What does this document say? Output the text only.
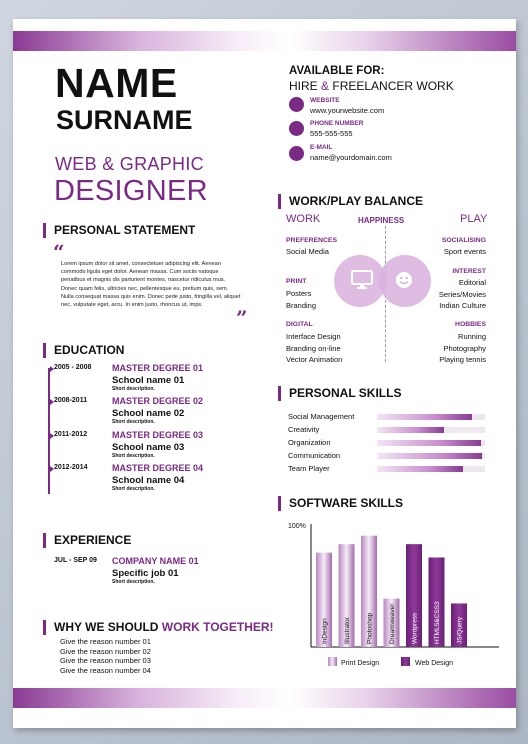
NAME
SURNAME
WEB & GRAPHIC
DESIGNER
PERSONAL STATEMENT
“
Lorem ipsum dolor sit amet, consectetuer adipiscing elit. Aenean commodo ligula eget dolor. Aenean massa. Cum sociis natoque penatibus et magnis dis parturient montes, nascetur ridiculus mus. Donec quam felis, ultricies nec, pellentesque eu, pretium quis, sem. Nulla consequat massa quis enim. Donec pede justo, fringilla vel, aliquet nec, vulputate eget, arcu. In enim justo, rhoncus ut, imps.
”
EDUCATION
2005 - 2008 MASTER DEGREE 01
School name 01
Short description.
2008-2011	MASTER DEGREE 02
School name 02
Short description.
2011-2012	MASTER DEGREE 03
School name 03
Short description.
2012-2014	MASTER DEGREE 04
School name 04
Short description.
EXPERIENCE
JUL - SEP 09 COMPANY NAME 01
Specific job 01
Short description.
WHY WE SHOULD WORK TOGETHER!
Give the reason number 01
Give the reason number 02
Give the reason number 03
Give the reason number 04
AVAILABLE FOR:
HIRE & FREELANCER WORK
WEBSITE
www.yourwebsite.com
PHONE NUMBER
555-555-555
E-MAIL
name@yourdomain.com
WORK/PLAY BALANCE
WORK	HAPPINESS	PLAY
PREFERENCES
Social Media
PRINT
Posters
Branding
DIGITAL
Interface Design
Branding on-line
Vector Animation
SOCIALISING
Sport events
INTEREST
Editorial
Series/Movies
Indian Culture
HOBBIES
Running
Photography
Playing tennis
PERSONAL SKILLS
Social Management
Creativity
Organization
Communication
Team Player
SOFTWARE SKILLS
100%
InDesign Illustrator Photoshop Dreamweaver Wordpress HTML5&CSS3 JS/Query
Print Design	Web Design
